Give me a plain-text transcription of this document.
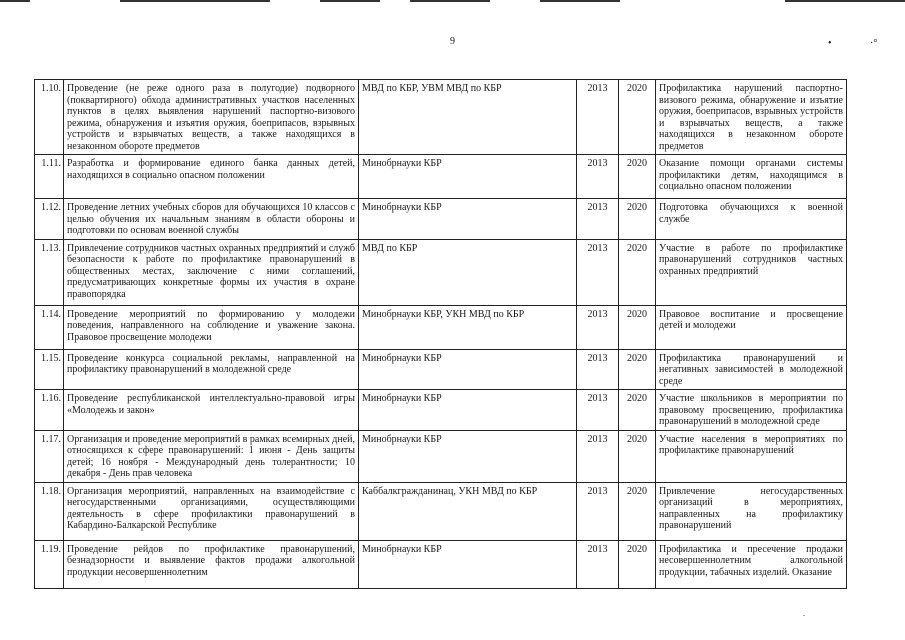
9	•	·°
1.10.	Проведение (не реже одного раза в полугодие) подворного (поквартирного) обхода административных участков населенных пунктов в целях выявления нарушений паспортно-визового режима, обнаружения и изъятия оружия, боеприпасов, взрывных устройств и взрывчатых веществ, а также находящихся в незаконном обороте предметов	МВД по КБР, УВМ МВД по КБР	2013	2020	Профилактика нарушений паспортно-визового режима, обнаружение и изъятие оружия, боеприпасов, взрывных устройств и взрывчатых веществ, а также находящихся в незаконном обороте предметов
1.11.	Разработка и формирование единого банка данных детей, находящихся в социально опасном положении	Минобрнауки КБР	2013	2020	Оказание помощи органами системы профилактики детям, находящимся в социально опасном положении
1.12.	Проведение летних учебных сборов для обучающихся 10 классов с целью обучения их начальным знаниям в области обороны и подготовки по основам военной службы	Минобрнауки КБР	2013	2020	Подготовка обучающихся к военной службе
1.13.	Привлечение сотрудников частных охранных предприятий и служб безопасности к работе по профилактике правонарушений в общественных местах, заключение с ними соглашений, предусматривающих конкретные формы их участия в охране правопорядка	МВД по КБР	2013	2020	Участие в работе по профилактике правонарушений сотрудников частных охранных предприятий
1.14.	Проведение мероприятий по формированию у молодежи поведения, направленного на соблюдение и уважение закона. Правовое просвещение молодежи	Минобрнауки КБР, УКН МВД по КБР	2013	2020	Правовое воспитание и просвещение детей и молодежи
1.15.	Проведение конкурса социальной рекламы, направленной на профилактику правонарушений в молодежной среде	Минобрнауки КБР	2013	2020	Профилактика правонарушений и негативных зависимостей в молодежной среде
1.16.	Проведение республиканской интеллектуально-правовой игры «Молодежь и закон»	Минобрнауки КБР	2013	2020	Участие школьников в мероприятии по правовому просвещению, профилактика правонарушений в молодежной среде
1.17.	Организация и проведение мероприятий в рамках всемирных дней, относящихся к сфере правонарушений: 1 июня - День защиты детей; 16 ноября - Международный день толерантности; 10 декабря - День прав человека	Минобрнауки КБР	2013	2020	Участие населения в мероприятиях по профилактике правонарушений
1.18.	Организация мероприятий, направленных на взаимодействие с негосударственными организациями, осуществляющими деятельность в сфере профилактики правонарушений в Кабардино-Балкарской Республике	Каббалкгражданинац, УКН МВД по КБР	2013	2020	Привлечение негосударственных организаций в мероприятиях, направленных на профилактику правонарушений
1.19.	Проведение рейдов по профилактике правонарушений, безнадзорности и выявление фактов продажи алкогольной продукции несовершеннолетним	Минобрнауки КБР	2013	2020	Профилактика и пресечение продажи несовершеннолетним алкогольной продукции, табачных изделий. Оказание
.
